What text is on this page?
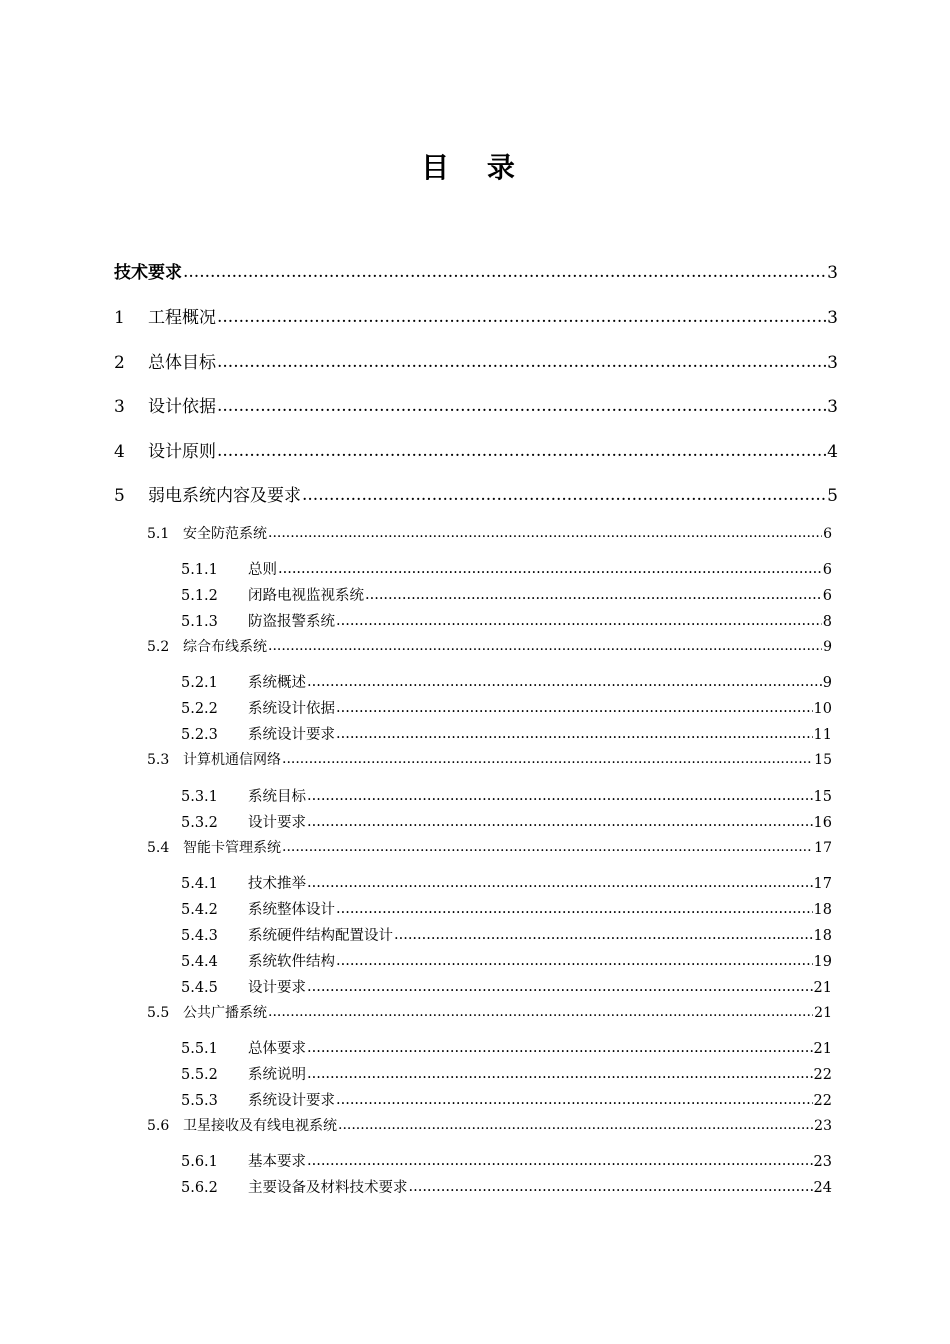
目 录
技术要求 .....	3
1	工程概况 .....	3
2	总体目标 .....	3
3	设计依据 .....	3
4	设计原则 .....	4
5	弱电系统内容及要求 .....	5
5.1 安全防范系统 .....	6
5.1.1	总则 .....	6
5.1.2	闭路电视监视系统 .....	6
5.1.3	防盗报警系统 .....	8
5.2 综合布线系统 .....	9
5.2.1	系统概述 .....	9
5.2.2	系统设计依据 .....	10
5.2.3	系统设计要求 .....	11
5.3 计算机通信网络 .....	15
5.3.1	系统目标 .....	15
5.3.2	设计要求 .....	16
5.4 智能卡管理系统 .....	17
5.4.1	技术推举 .....	17
5.4.2	系统整体设计 .....	18
5.4.3	系统硬件结构配置设计 .....	18
5.4.4	系统软件结构 .....	19
5.4.5	设计要求 .....	21
5.5 公共广播系统 .....	21
5.5.1	总体要求 .....	21
5.5.2	系统说明 .....	22
5.5.3	系统设计要求 .....	22
5.6 卫星接收及有线电视系统 .....	23
5.6.1	基本要求 .....	23
5.6.2	主要设备及材料技术要求 .....	24
